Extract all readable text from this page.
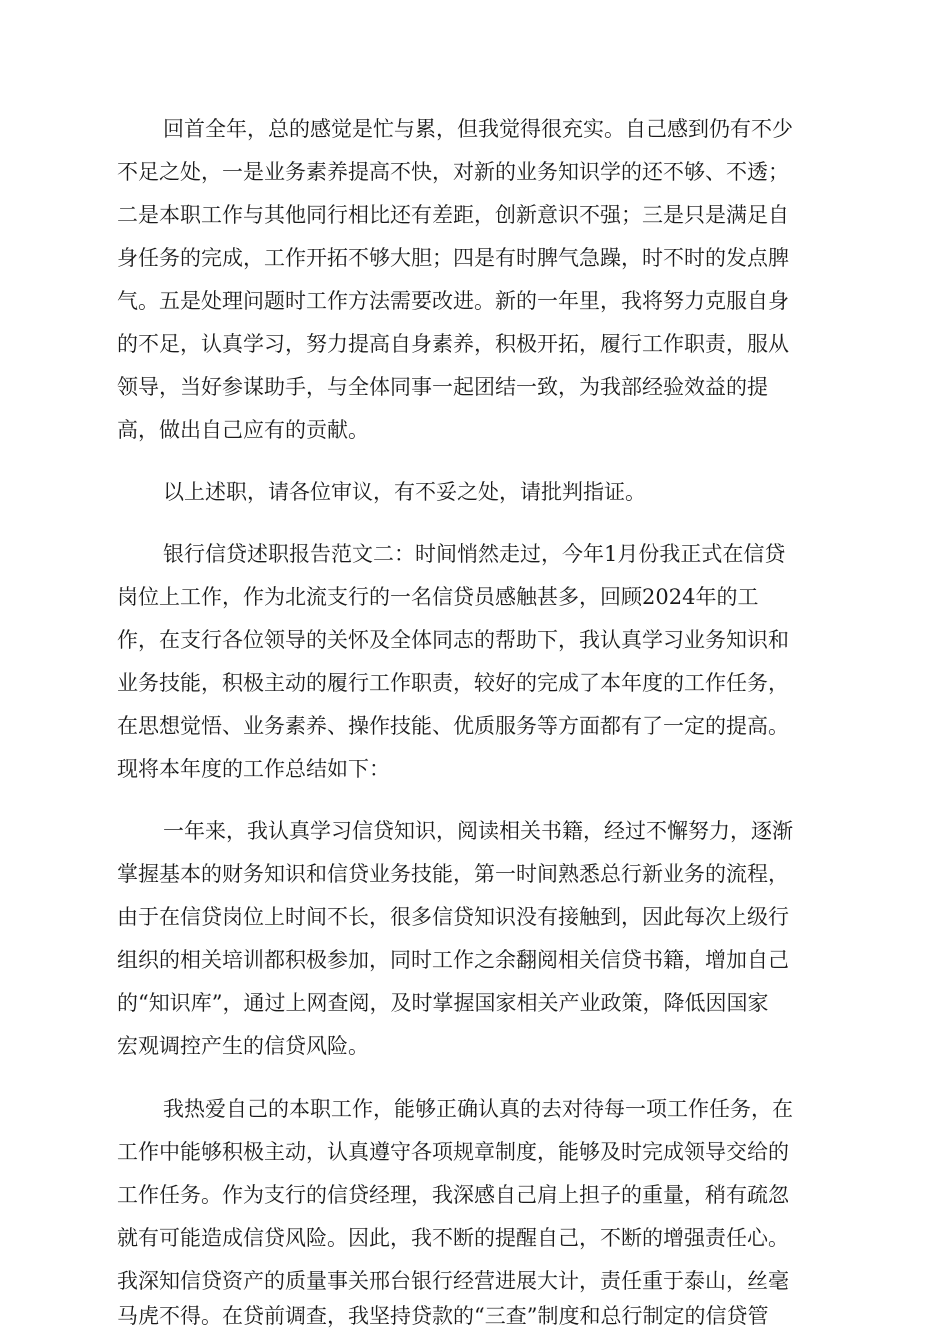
回首全年，总的感觉是忙与累，但我觉得很充实。自己感到仍有不少

不足之处，一是业务素养提高不快，对新的业务知识学的还不够、不透；

二是本职工作与其他同行相比还有差距，创新意识不强；三是只是满足自

身任务的完成，工作开拓不够大胆；四是有时脾气急躁，时不时的发点脾

气。五是处理问题时工作方法需要改进。新的一年里，我将努力克服自身

的不足，认真学习，努力提高自身素养，积极开拓，履行工作职责，服从

领导，当好参谋助手，与全体同事一起团结一致，为我部经验效益的提

高，做出自己应有的贡献。

以上述职，请各位审议，有不妥之处，请批判指证。

银行信贷述职报告范文二：时间悄然走过，今年1月份我正式在信贷

岗位上工作，作为北流支行的一名信贷员感触甚多，回顾2024年的工

作，在支行各位领导的关怀及全体同志的帮助下，我认真学习业务知识和

业务技能，积极主动的履行工作职责，较好的完成了本年度的工作任务，

在思想觉悟、业务素养、操作技能、优质服务等方面都有了一定的提高。

现将本年度的工作总结如下：

一年来，我认真学习信贷知识，阅读相关书籍，经过不懈努力，逐渐

掌握基本的财务知识和信贷业务技能，第一时间熟悉总行新业务的流程，

由于在信贷岗位上时间不长，很多信贷知识没有接触到，因此每次上级行

组织的相关培训都积极参加，同时工作之余翻阅相关信贷书籍，增加自己

的“知识库”，通过上网查阅，及时掌握国家相关产业政策，降低因国家

宏观调控产生的信贷风险。

我热爱自己的本职工作，能够正确认真的去对待每一项工作任务，在

工作中能够积极主动，认真遵守各项规章制度，能够及时完成领导交给的

工作任务。作为支行的信贷经理，我深感自己肩上担子的重量，稍有疏忽

就有可能造成信贷风险。因此，我不断的提醒自己，不断的增强责任心。

我深知信贷资产的质量事关邢台银行经营进展大计，责任重于泰山，丝毫

马虎不得。在贷前调查，我坚持贷款的“三查”制度和总行制定的信贷管
